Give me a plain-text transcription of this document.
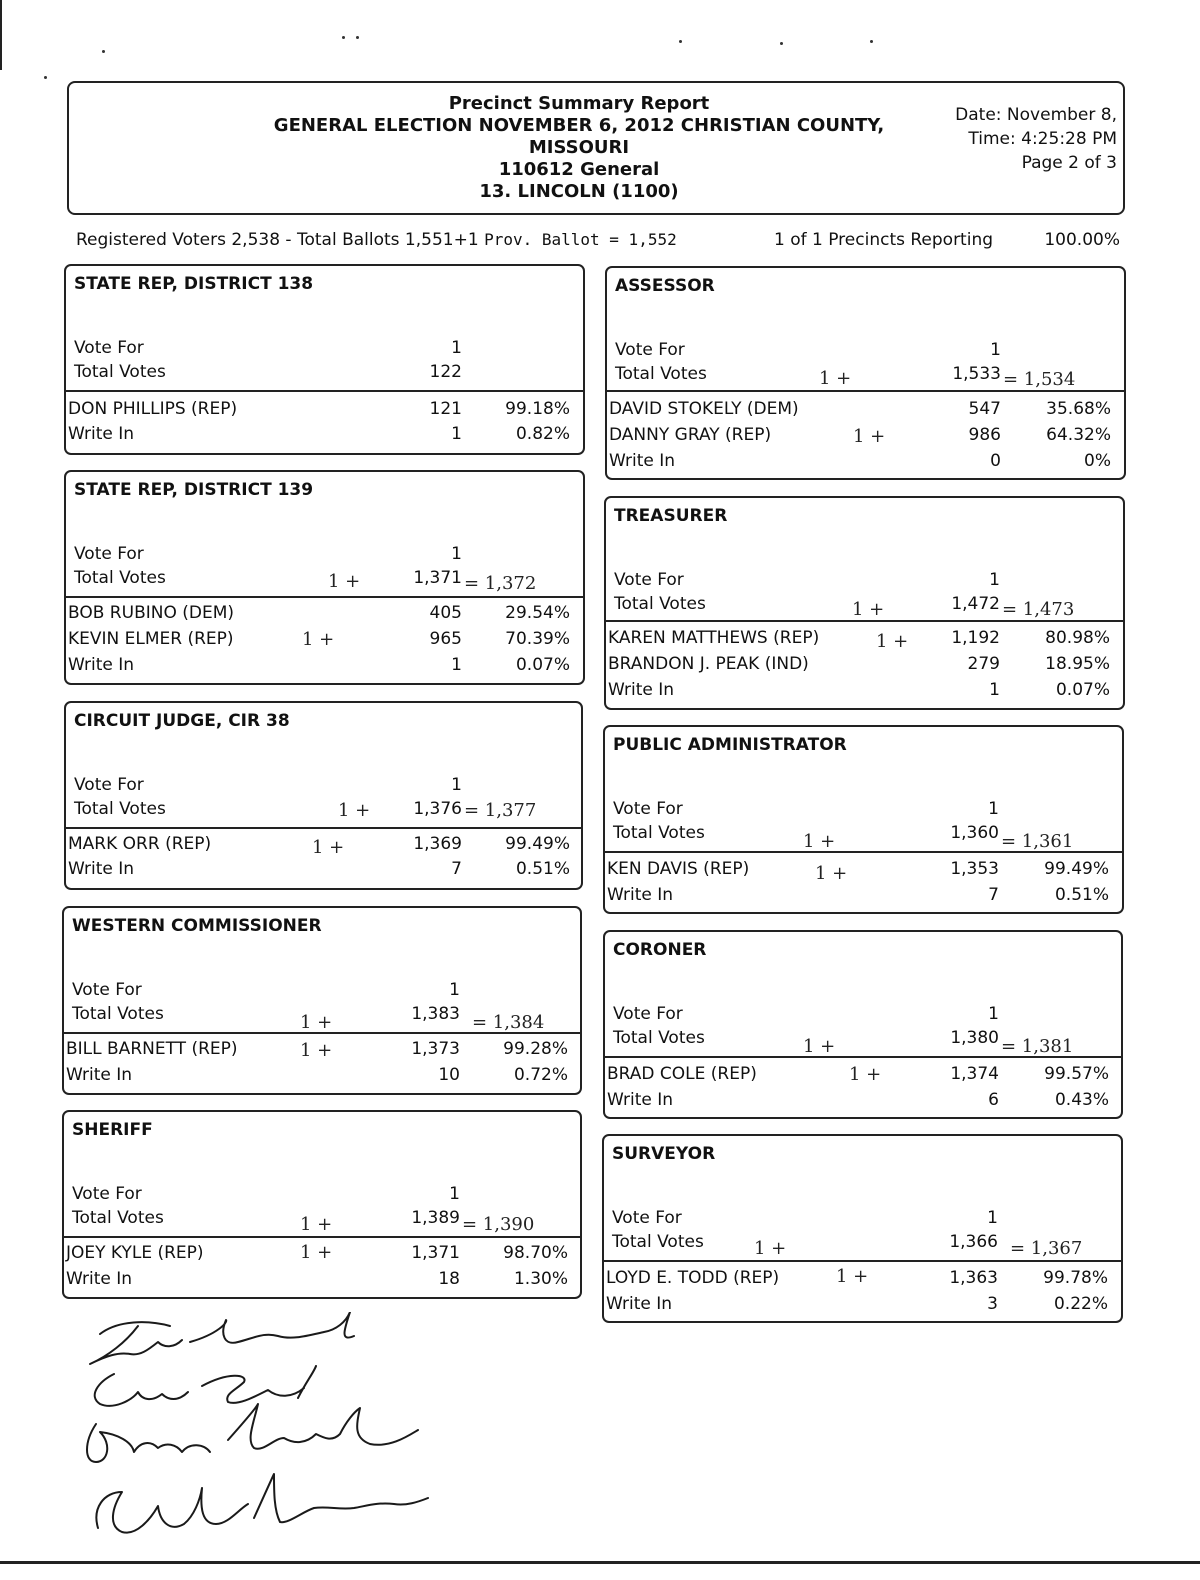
Precinct Summary Report
GENERAL ELECTION NOVEMBER 6, 2012 CHRISTIAN COUNTY,
MISSOURI
110612 General
13. LINCOLN (1100)
Date: November 8,
Time: 4:25:28 PM
Page 2 of 3
Registered Voters 2,538 - Total Ballots 1,551+1 Prov. Ballot = 1,552	1 of 1 Precincts Reporting	100.00%
STATE REP, DISTRICT 138
Vote For	1
Total Votes	122
DON PHILLIPS (REP)	121	99.18%
Write In	1	0.82%
STATE REP, DISTRICT 139
Vote For	1
Total Votes	1 +	1,371 = 1,372
BOB RUBINO (DEM)	405	29.54%
KEVIN ELMER (REP)	1 +	965	70.39%
Write In	1	0.07%
CIRCUIT JUDGE, CIR 38
Vote For	1
Total Votes	1 +	1,376 = 1,377
MARK ORR (REP)	1 +	1,369	99.49%
Write In	7	0.51%
WESTERN COMMISSIONER
Vote For	1
Total Votes	1 +	1,383 = 1,384
BILL BARNETT (REP)	1 +	1,373	99.28%
Write In	10	0.72%
SHERIFF
Vote For	1
Total Votes	1 +	1,389 = 1,390
JOEY KYLE (REP)	1 +	1,371	98.70%
Write In	18	1.30%
ASSESSOR
Vote For	1
Total Votes	1 +	1,533 = 1,534
DAVID STOKELY (DEM)	547	35.68%
DANNY GRAY (REP)	1 +	986	64.32%
Write In	0	0%
TREASURER
Vote For	1
Total Votes	1 +	1,472 = 1,473
KAREN MATTHEWS (REP)	1 +	1,192	80.98%
BRANDON J. PEAK (IND)	279	18.95%
Write In	1	0.07%
PUBLIC ADMINISTRATOR
Vote For	1
Total Votes	1 +	1,360 = 1,361
KEN DAVIS (REP)	1 +	1,353	99.49%
Write In	7	0.51%
CORONER
Vote For	1
Total Votes	1 +	1,380 = 1,381
BRAD COLE (REP)	1 +	1,374	99.57%
Write In	6	0.43%
SURVEYOR
Vote For	1
Total Votes	1 +	1,366 = 1,367
LOYD E. TODD (REP)	1 +	1,363	99.78%
Write In	3	0.22%
